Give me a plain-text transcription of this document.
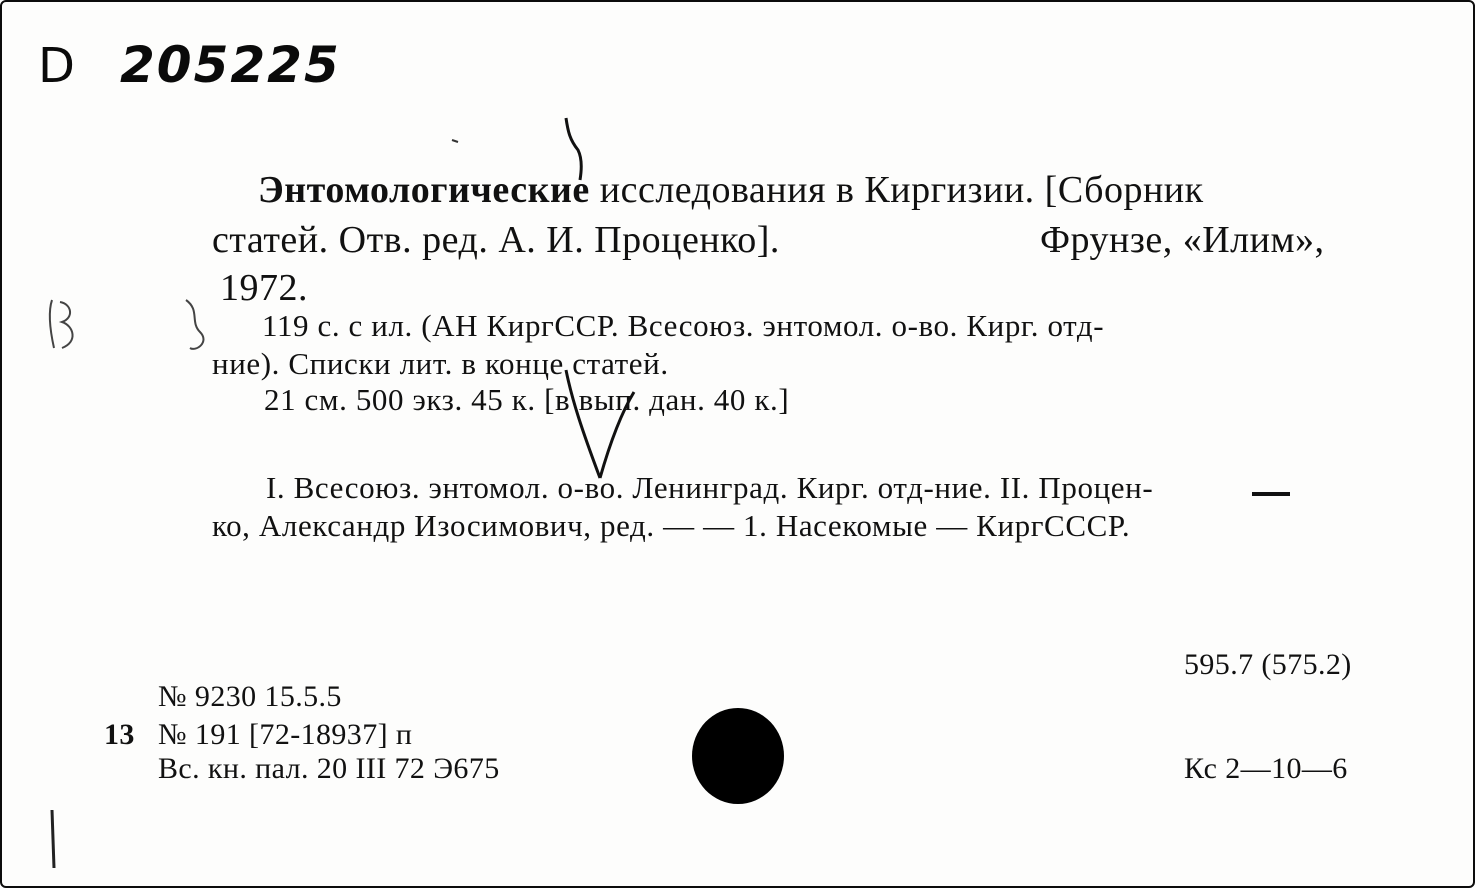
D 205225
Энтомологические исследования в Киргизии. [Сборник
статей. Отв. ред. А. И. Проценко].	Фрунзе, «Илим»,
1972.
119 с. с ил. (АН КиргССР. Всесоюз. энтомол. о-во. Кирг. отд-
ние). Списки лит. в конце статей.
21 см. 500 экз. 45 к. [в вып. дан. 40 к.]
I. Всесоюз. энтомол. о-во. Ленинград. Кирг. отд-ние. II. Процен-
ко, Александр Изосимович, ред. — — 1. Насекомые — КиргСССР.
595.7 (575.2)
Кс 2—10—6
№ 9230 15.5.5
13 № 191 [72-18937] п
Вс. кн. пал. 20 III 72 Э675
